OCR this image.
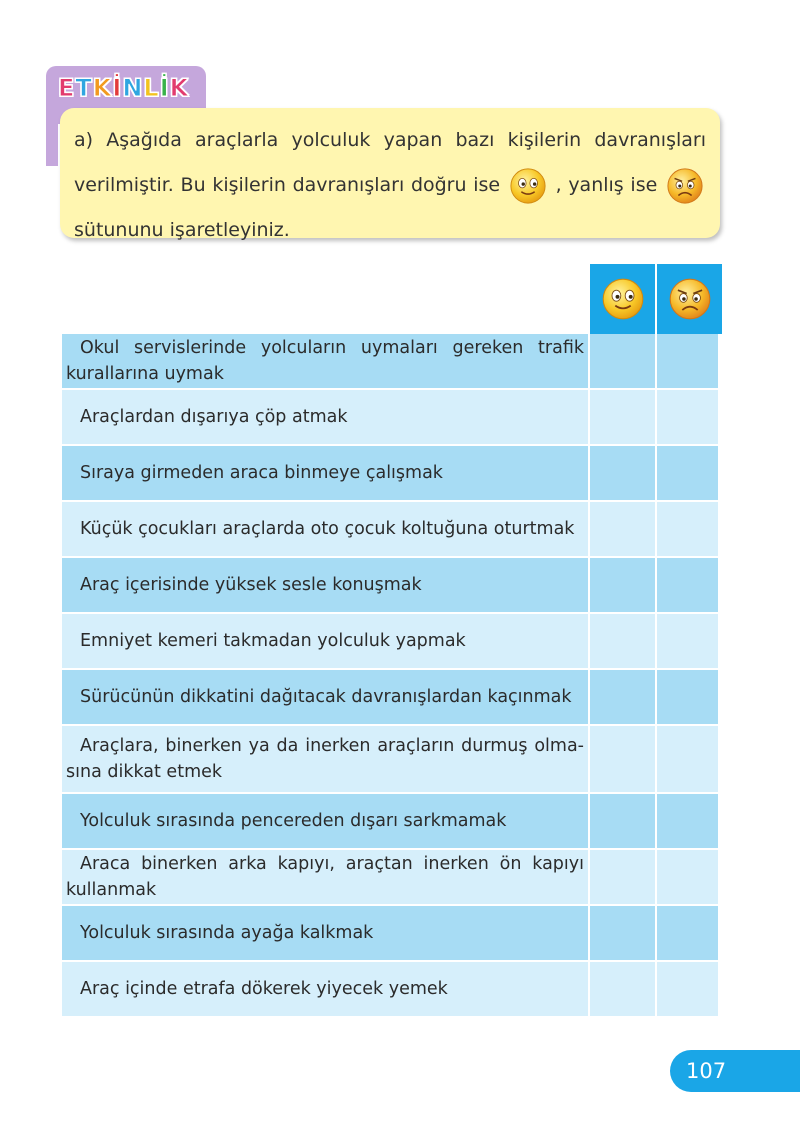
E T K İ N L İ K
a) Aşağıda araçlarla yolculuk yapan bazı kişilerin davranışları verilmiştir. Bu kişilerin davranışları doğru ise	, yanlış ise  sütununu işaretleyiniz.
Okul servislerinde yolcuların uymaları gereken trafik kurallarına uymak
Araçlardan dışarıya çöp atmak
Sıraya girmeden araca binmeye çalışmak
Küçük çocukları araçlarda oto çocuk koltuğuna oturtmak
Araç içerisinde yüksek sesle konuşmak
Emniyet kemeri takmadan yolculuk yapmak
Sürücünün dikkatini dağıtacak davranışlardan kaçınmak
Araçlara, binerken ya da inerken araçların durmuş olma-sına dikkat etmek
Yolculuk sırasında pencereden dışarı sarkmamak
Araca binerken arka kapıyı, araçtan inerken ön kapıyı kullanmak
Yolculuk sırasında ayağa kalkmak
Araç içinde etrafa dökerek yiyecek yemek
107
